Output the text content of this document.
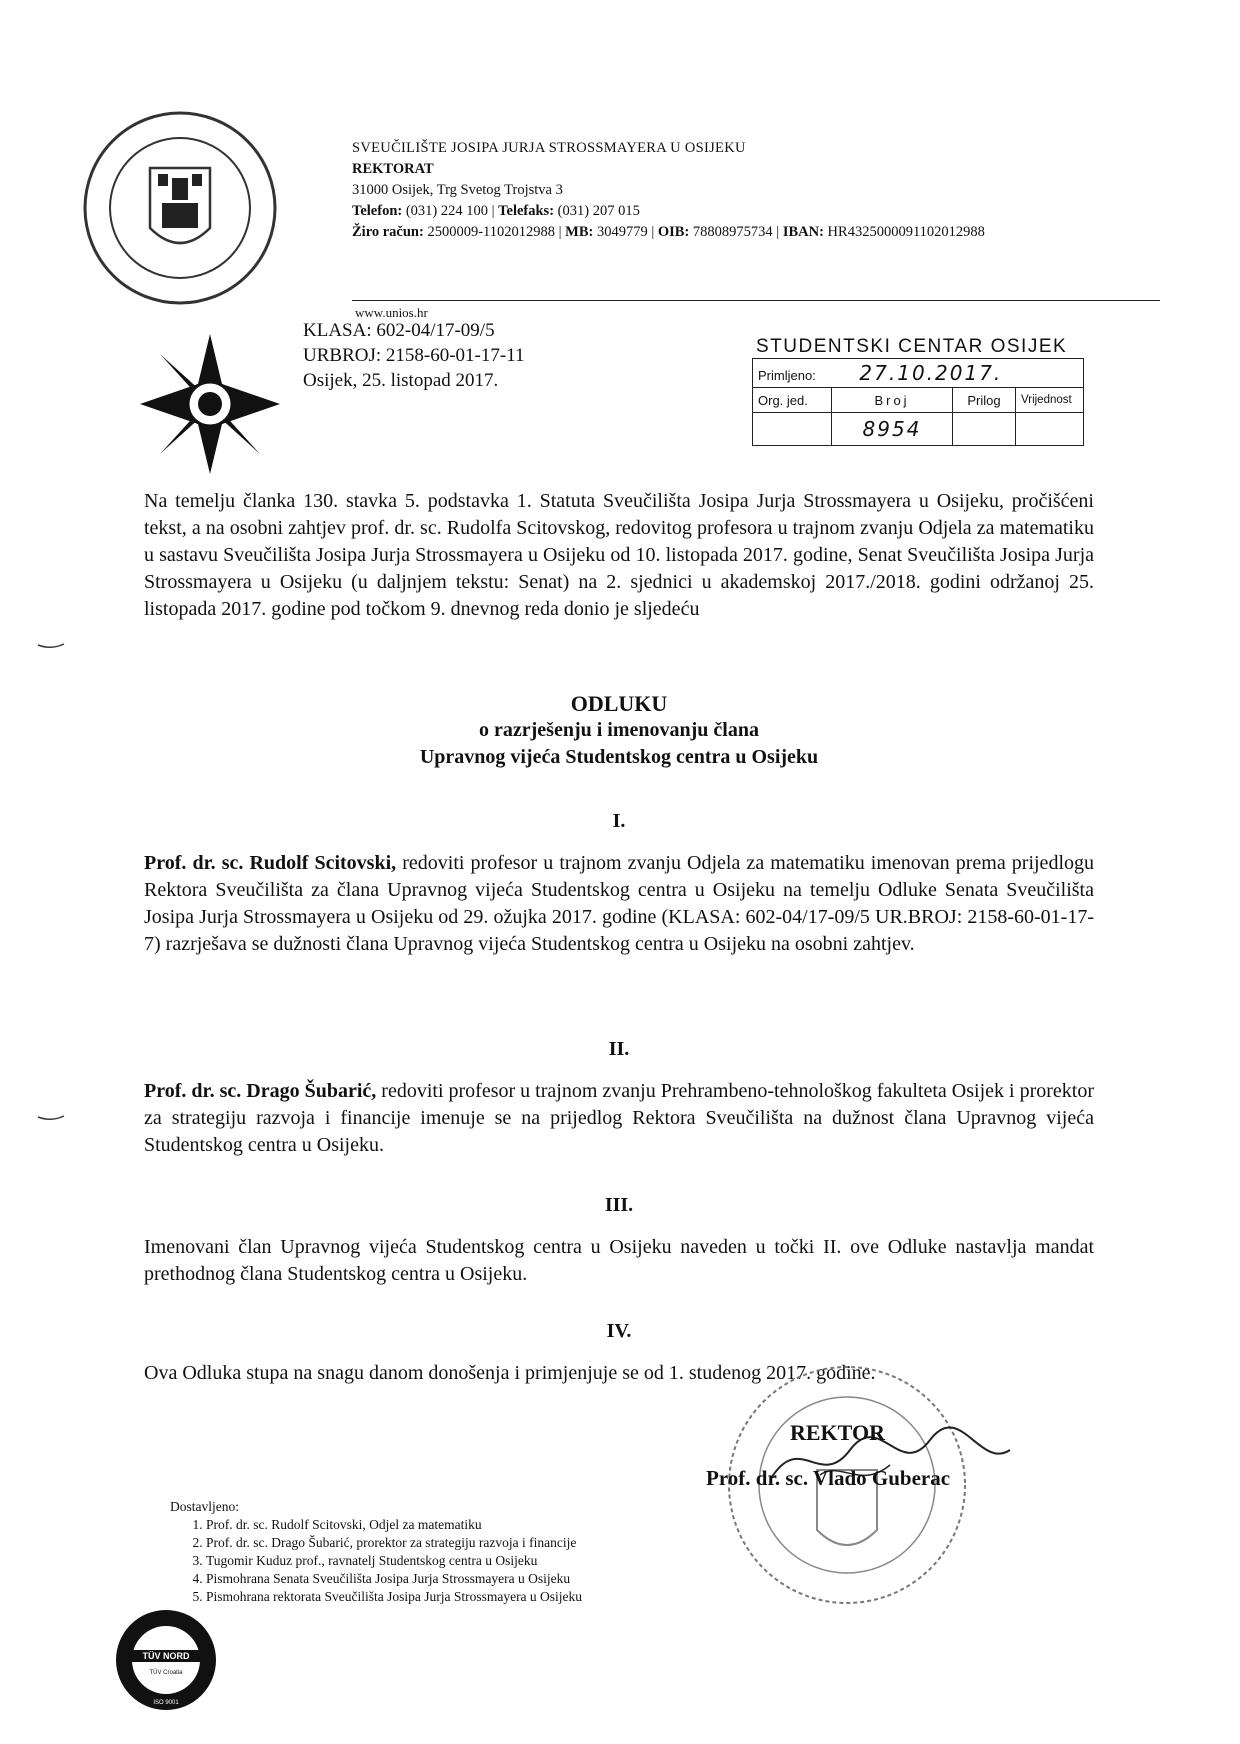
SVEUČILIŠTE JOSIPA JURJA STROSSMAYERA U OSIJEKU
REKTORAT
31000 Osijek, Trg Svetog Trojstva 3
Telefon: (031) 224 100 | Telefaks: (031) 207 015
Žiro račun: 2500009-1102012988 | MB: 3049779 | OIB: 78808975734 | IBAN: HR4325000091102012988
www.unios.hr
KLASA: 602-04/17-09/5
URBROJ: 2158-60-01-17-11
Osijek, 25. listopad 2017.
STUDENTSKI CENTAR OSIJEK
Primljeno: 27.10.2017.			
Org. jed.	Broj	Prilog	Vrijednost
	8954		
Na temelju članka 130. stavka 5. podstavka 1. Statuta Sveučilišta Josipa Jurja Strossmayera u Osijeku, pročišćeni tekst, a na osobni zahtjev prof. dr. sc. Rudolfa Scitovskog, redovitog profesora u trajnom zvanju Odjela za matematiku u sastavu Sveučilišta Josipa Jurja Strossmayera u Osijeku od 10. listopada 2017. godine, Senat Sveučilišta Josipa Jurja Strossmayera u Osijeku (u daljnjem tekstu: Senat) na 2. sjednici u akademskoj 2017./2018. godini održanoj 25. listopada 2017. godine pod točkom 9. dnevnog reda donio je sljedeću
ODLUKU
o razrješenju i imenovanju člana
Upravnog vijeća Studentskog centra u Osijeku
I.
Prof. dr. sc. Rudolf Scitovski, redoviti profesor u trajnom zvanju Odjela za matematiku imenovan prema prijedlogu Rektora Sveučilišta za člana Upravnog vijeća Studentskog centra u Osijeku na temelju Odluke Senata Sveučilišta Josipa Jurja Strossmayera u Osijeku od 29. ožujka 2017. godine (KLASA: 602-04/17-09/5 UR.BROJ: 2158-60-01-17-7) razrješava se dužnosti člana Upravnog vijeća Studentskog centra u Osijeku na osobni zahtjev.
II.
Prof. dr. sc. Drago Šubarić, redoviti profesor u trajnom zvanju Prehrambeno-tehnološkog fakulteta Osijek i prorektor za strategiju razvoja i financije imenuje se na prijedlog Rektora Sveučilišta na dužnost člana Upravnog vijeća Studentskog centra u Osijeku.
III.
Imenovani član Upravnog vijeća Studentskog centra u Osijeku naveden u točki II. ove Odluke nastavlja mandat prethodnog člana Studentskog centra u Osijeku.
IV.
Ova Odluka stupa na snagu danom donošenja i primjenjuje se od 1. studenog 2017. godine.
REKTOR
Prof. dr. sc. Vlado Guberac
Dostavljeno:
1. Prof. dr. sc. Rudolf Scitovski, Odjel za matematiku
2. Prof. dr. sc. Drago Šubarić, prorektor za strategiju razvoja i financije
3. Tugomir Kuduz prof., ravnatelj Studentskog centra u Osijeku
4. Pismohrana Senata Sveučilišta Josipa Jurja Strossmayera u Osijeku
5. Pismohrana rektorata Sveučilišta Josipa Jurja Strossmayera u Osijeku
TÜV NORD
TÜV Croatia
ISO 9001
